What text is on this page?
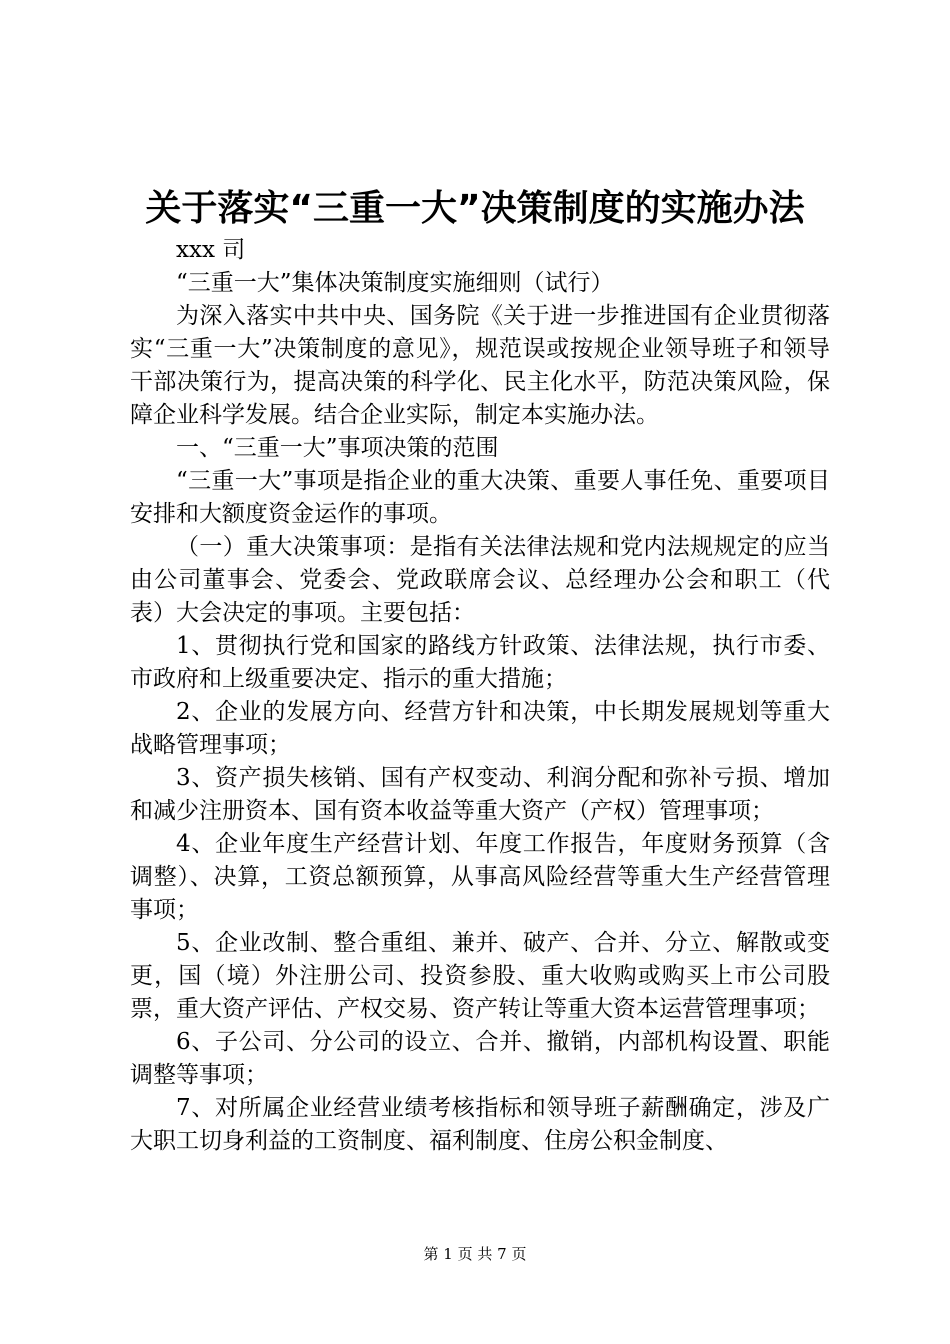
关于落实“三重一大”决策制度的实施办法

xxx 司

“三重一大”集体决策制度实施细则（试行）

为深入落实中共中央、国务院《关于进一步推进国有企业贯彻落实“三重一大”决策制度的意见》，规范误或按规企业领导班子和领导干部决策行为，提高决策的科学化、民主化水平，防范决策风险，保障企业科学发展。结合企业实际，制定本实施办法。

一、“三重一大”事项决策的范围

“三重一大”事项是指企业的重大决策、重要人事任免、重要项目安排和大额度资金运作的事项。

（一）重大决策事项：是指有关法律法规和党内法规规定的应当由公司董事会、党委会、党政联席会议、总经理办公会和职工（代表）大会决定的事项。主要包括：

1、贯彻执行党和国家的路线方针政策、法律法规，执行市委、市政府和上级重要决定、指示的重大措施；

2、企业的发展方向、经营方针和决策，中长期发展规划等重大战略管理事项；

3、资产损失核销、国有产权变动、利润分配和弥补亏损、增加和减少注册资本、国有资本收益等重大资产（产权）管理事项；

4、企业年度生产经营计划、年度工作报告，年度财务预算（含调整）、决算，工资总额预算，从事高风险经营等重大生产经营管理事项；

5、企业改制、整合重组、兼并、破产、合并、分立、解散或变更，国（境）外注册公司、投资参股、重大收购或购买上市公司股票，重大资产评估、产权交易、资产转让等重大资本运营管理事项；

6、子公司、分公司的设立、合并、撤销，内部机构设置、职能调整等事项；

7、对所属企业经营业绩考核指标和领导班子薪酬确定，涉及广大职工切身利益的工资制度、福利制度、住房公积金制度、

第 1 页 共 7 页
